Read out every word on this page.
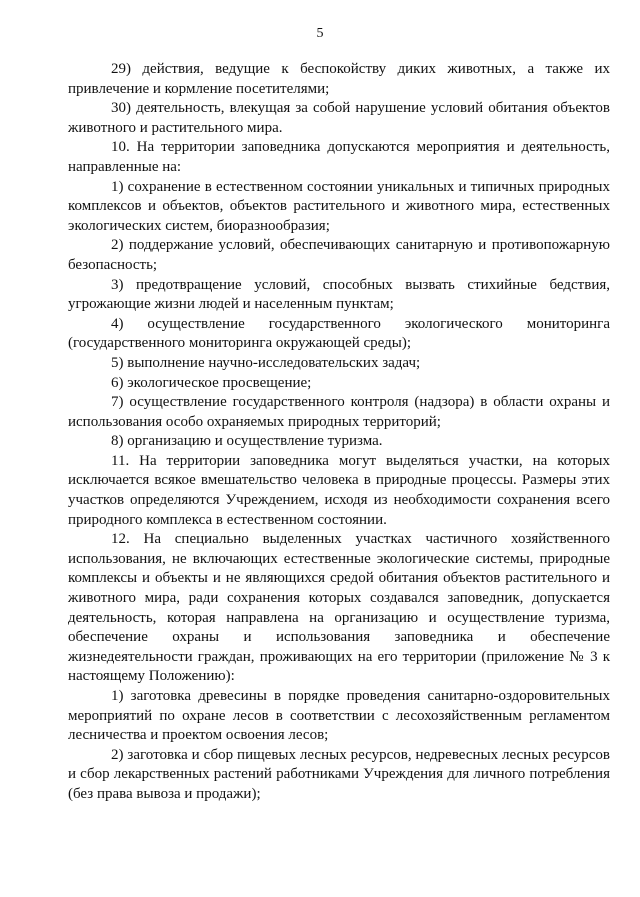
5

29) действия, ведущие к беспокойству диких животных, а также их привлечение и кормление посетителями;

30) деятельность, влекущая за собой нарушение условий обитания объектов животного и растительного мира.

10. На территории заповедника допускаются мероприятия и деятельность, направленные на:

1) сохранение в естественном состоянии уникальных и типичных природных комплексов и объектов, объектов растительного и животного мира, естественных экологических систем, биоразнообразия;

2) поддержание условий, обеспечивающих санитарную и противопожарную безопасность;

3) предотвращение условий, способных вызвать стихийные бедствия, угрожающие жизни людей и населенным пунктам;

4) осуществление государственного экологического мониторинга (государственного мониторинга окружающей среды);

5) выполнение научно-исследовательских задач;

6) экологическое просвещение;

7) осуществление государственного контроля (надзора) в области охраны и использования особо охраняемых природных территорий;

8) организацию и осуществление туризма.

11. На территории заповедника могут выделяться участки, на которых исключается всякое вмешательство человека в природные процессы. Размеры этих участков определяются Учреждением, исходя из необходимости сохранения всего природного комплекса в естественном состоянии.

12. На специально выделенных участках частичного хозяйственного использования, не включающих естественные экологические системы, природные комплексы и объекты и не являющихся средой обитания объектов растительного и животного мира, ради сохранения которых создавался заповедник, допускается деятельность, которая направлена на организацию и осуществление туризма, обеспечение охраны и использования заповедника и обеспечение жизнедеятельности граждан, проживающих на его территории (приложение № 3 к настоящему Положению):

1) заготовка древесины в порядке проведения санитарно-оздоровительных мероприятий по охране лесов в соответствии с лесохозяйственным регламентом лесничества и проектом освоения лесов;

2) заготовка и сбор пищевых лесных ресурсов, недревесных лесных ресурсов и сбор лекарственных растений работниками Учреждения для личного потребления (без права вывоза и продажи);
